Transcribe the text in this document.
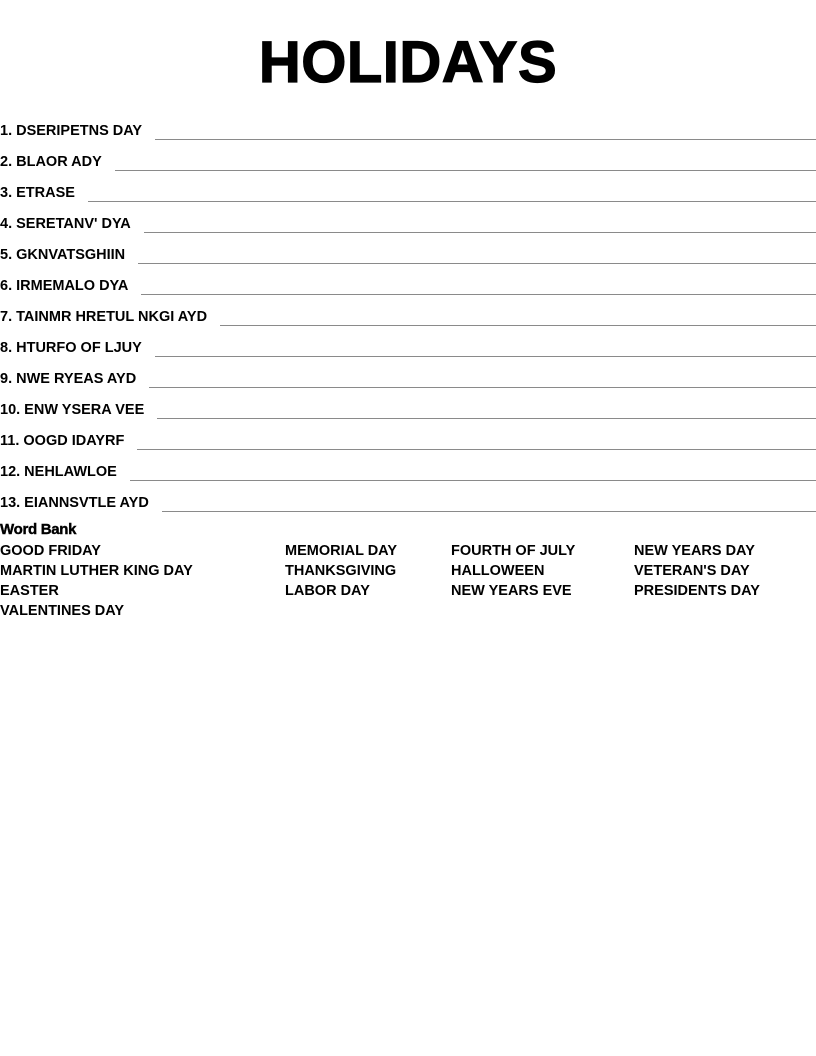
HOLIDAYS
1. DSERIPETNS DAY
2. BLAOR ADY
3. ETRASE
4. SERETANV' DYA
5. GKNVATSGHIIN
6. IRMEMALO DYA
7. TAINMR HRETUL NKGI AYD
8. HTURFO OF LJUY
9. NWE RYEAS AYD
10. ENW YSERA VEE
11. OOGD IDAYRF
12. NEHLAWLOE
13. EIANNSVTLE AYD
Word Bank
GOOD FRIDAY	MEMORIAL DAY	FOURTH OF JULY	NEW YEARS DAY
MARTIN LUTHER KING DAY	THANKSGIVING	HALLOWEEN	VETERAN'S DAY
EASTER	LABOR DAY	NEW YEARS EVE	PRESIDENTS DAY
VALENTINES DAY
